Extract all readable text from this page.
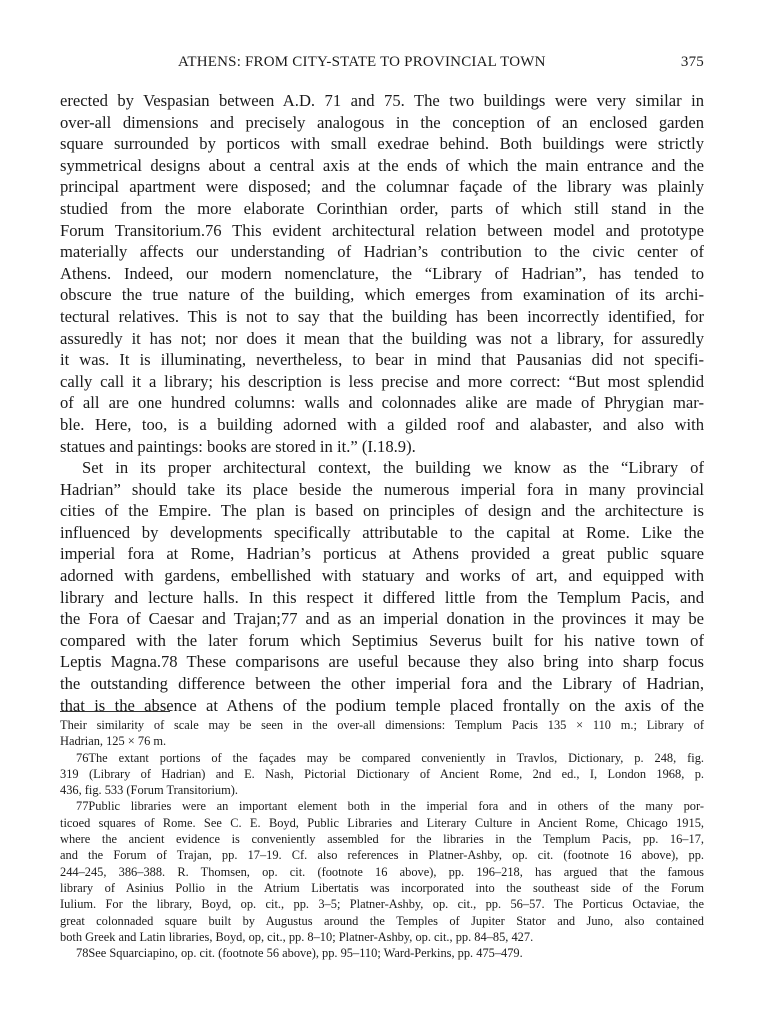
ATHENS: FROM CITY-STATE TO PROVINCIAL TOWN	375
erected by Vespasian between A.D. 71 and 75. The two buildings were very similar in
over-all dimensions and precisely analogous in the conception of an enclosed garden
square surrounded by porticos with small exedrae behind. Both buildings were strictly
symmetrical designs about a central axis at the ends of which the main entrance and the
principal apartment were disposed; and the columnar façade of the library was plainly
studied from the more elaborate Corinthian order, parts of which still stand in the
Forum Transitorium.76 This evident architectural relation between model and prototype
materially affects our understanding of Hadrian’s contribution to the civic center of
Athens. Indeed, our modern nomenclature, the “Library of Hadrian”, has tended to
obscure the true nature of the building, which emerges from examination of its archi-
tectural relatives. This is not to say that the building has been incorrectly identified, for
assuredly it has not; nor does it mean that the building was not a library, for assuredly
it was. It is illuminating, nevertheless, to bear in mind that Pausanias did not specifi-
cally call it a library; his description is less precise and more correct: “But most splendid
of all are one hundred columns: walls and colonnades alike are made of Phrygian mar-
ble. Here, too, is a building adorned with a gilded roof and alabaster, and also with
statues and paintings: books are stored in it.” (I.18.9).
Set in its proper architectural context, the building we know as the “Library of
Hadrian” should take its place beside the numerous imperial fora in many provincial
cities of the Empire. The plan is based on principles of design and the architecture is
influenced by developments specifically attributable to the capital at Rome. Like the
imperial fora at Rome, Hadrian’s porticus at Athens provided a great public square
adorned with gardens, embellished with statuary and works of art, and equipped with
library and lecture halls. In this respect it differed little from the Templum Pacis, and
the Fora of Caesar and Trajan;77 and as an imperial donation in the provinces it may be
compared with the later forum which Septimius Severus built for his native town of
Leptis Magna.78 These comparisons are useful because they also bring into sharp focus
the outstanding difference between the other imperial fora and the Library of Hadrian,
that is the absence at Athens of the podium temple placed frontally on the axis of the
Their similarity of scale may be seen in the over-all dimensions: Templum Pacis 135 × 110 m.; Library of
Hadrian, 125 × 76 m.
76The extant portions of the façades may be compared conveniently in Travlos, Dictionary, p. 248, fig.
319 (Library of Hadrian) and E. Nash, Pictorial Dictionary of Ancient Rome, 2nd ed., I, London 1968, p.
436, fig. 533 (Forum Transitorium).
77Public libraries were an important element both in the imperial fora and in others of the many por-
ticoed squares of Rome. See C. E. Boyd, Public Libraries and Literary Culture in Ancient Rome, Chicago 1915,
where the ancient evidence is conveniently assembled for the libraries in the Templum Pacis, pp. 16–17,
and the Forum of Trajan, pp. 17–19. Cf. also references in Platner-Ashby, op. cit. (footnote 16 above), pp.
244–245, 386–388. R. Thomsen, op. cit. (footnote 16 above), pp. 196–218, has argued that the famous
library of Asinius Pollio in the Atrium Libertatis was incorporated into the southeast side of the Forum
Iulium. For the library, Boyd, op. cit., pp. 3–5; Platner-Ashby, op. cit., pp. 56–57. The Porticus Octaviae, the
great colonnaded square built by Augustus around the Temples of Jupiter Stator and Juno, also contained
both Greek and Latin libraries, Boyd, op, cit., pp. 8–10; Platner-Ashby, op. cit., pp. 84–85, 427.
78See Squarciapino, op. cit. (footnote 56 above), pp. 95–110; Ward-Perkins, pp. 475–479.
